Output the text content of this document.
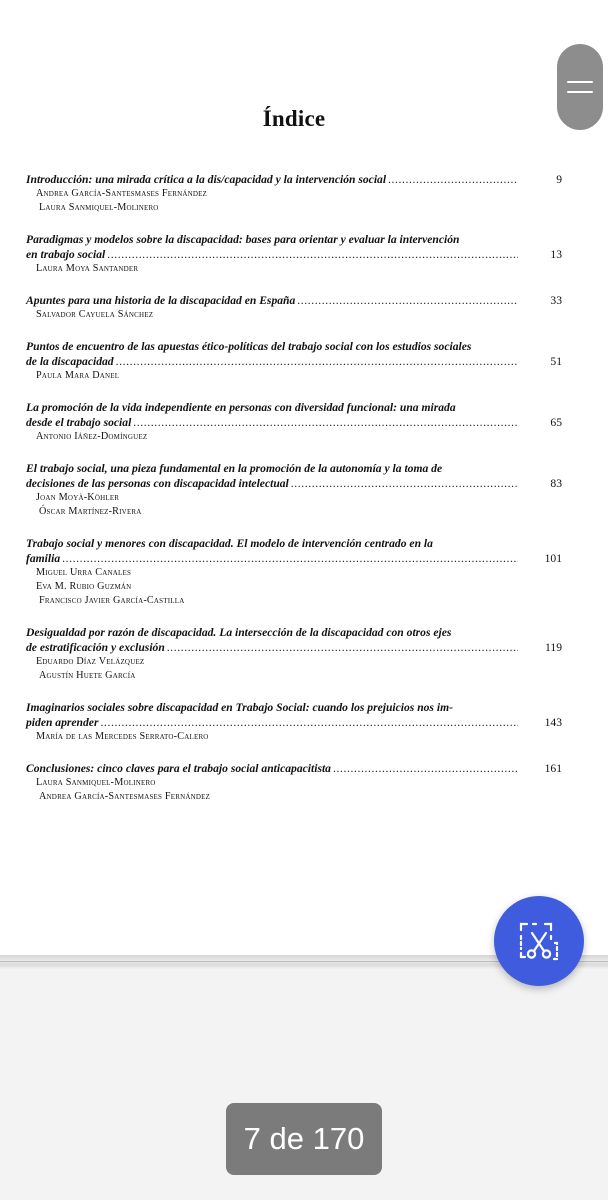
Índice
Introducción: una mirada crítica a la dis/capacidad y la intervención social .....	9
Andrea García-Santesmases Fernández
Laura Sanmiquel-Molinero
Paradigmas y modelos sobre la discapacidad: bases para orientar y evaluar la intervención
en trabajo social .....	13
Laura Moya Santander
Apuntes para una historia de la discapacidad en España .....	33
Salvador Cayuela Sánchez
Puntos de encuentro de las apuestas ético-políticas del trabajo social con los estudios sociales
de la discapacidad .....	51
Paula Mara Danel
La promoción de la vida independiente en personas con diversidad funcional: una mirada
desde el trabajo social .....	65
Antonio Iáñez-Domínguez
El trabajo social, una pieza fundamental en la promoción de la autonomía y la toma de
decisiones de las personas con discapacidad intelectual .....	83
Joan Moyà-Köhler
Óscar Martínez-Rivera
Trabajo social y menores con discapacidad. El modelo de intervención centrado en la
familia .....	101
Miguel Urra Canales
Eva M. Rubio Guzmán
Francisco Javier García-Castilla
Desigualdad por razón de discapacidad. La intersección de la discapacidad con otros ejes
de estratificación y exclusión .....	119
Eduardo Díaz Velázquez
Agustín Huete García
Imaginarios sociales sobre discapacidad en Trabajo Social: cuando los prejuicios nos im-
piden aprender .....	143
María de las Mercedes Serrato-Calero
Conclusiones: cinco claves para el trabajo social anticapacitista .....	161
Laura Sanmiquel-Molinero
Andrea García-Santesmases Fernández
7 de 170
